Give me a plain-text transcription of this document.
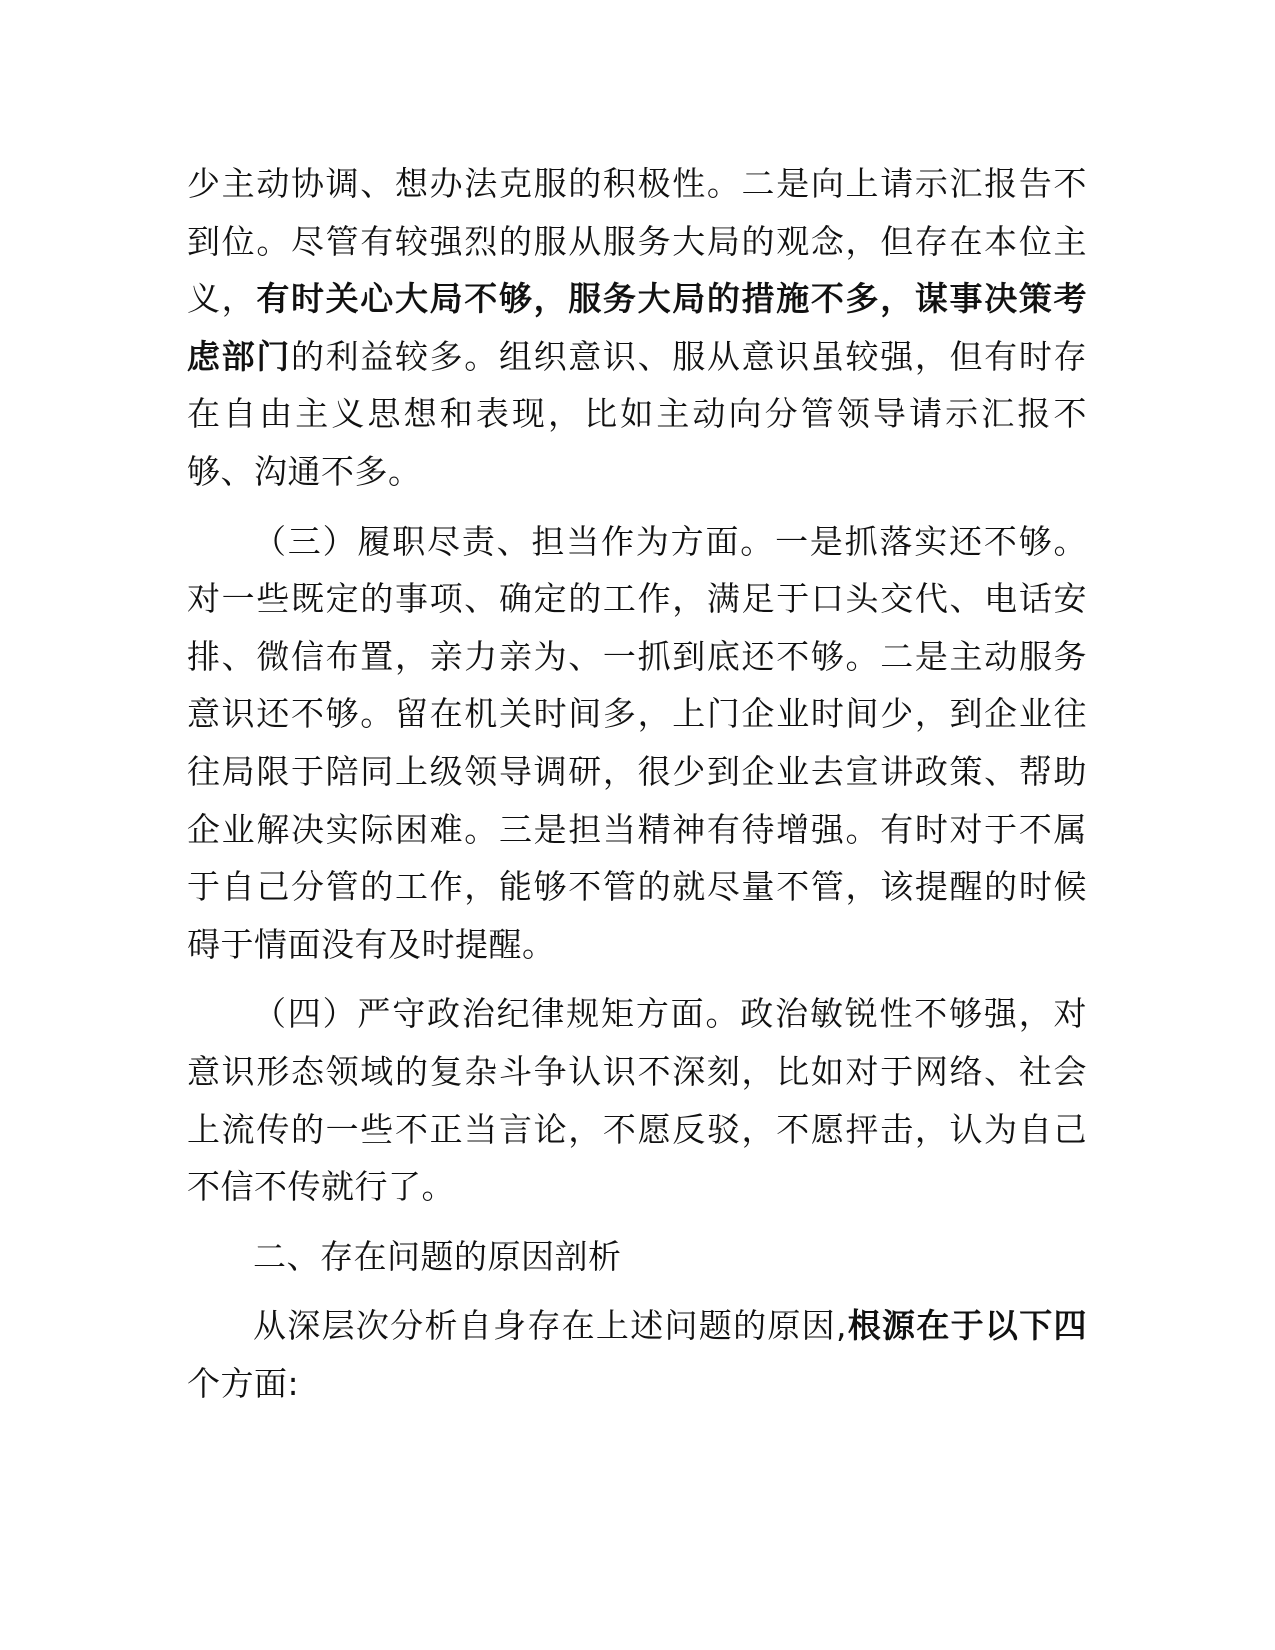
少主动协调、想办法克服的积极性。二是向上请示汇报告不到位。尽管有较强烈的服从服务大局的观念，但存在本位主义，有时关心大局不够，服务大局的措施不多，谋事决策考虑部门的利益较多。组织意识、服从意识虽较强，但有时存在自由主义思想和表现，比如主动向分管领导请示汇报不够、沟通不多。

（三）履职尽责、担当作为方面。一是抓落实还不够。对一些既定的事项、确定的工作，满足于口头交代、电话安排、微信布置，亲力亲为、一抓到底还不够。二是主动服务意识还不够。留在机关时间多，上门企业时间少，到企业往往局限于陪同上级领导调研，很少到企业去宣讲政策、帮助企业解决实际困难。三是担当精神有待增强。有时对于不属于自己分管的工作，能够不管的就尽量不管，该提醒的时候碍于情面没有及时提醒。

（四）严守政治纪律规矩方面。政治敏锐性不够强，对意识形态领域的复杂斗争认识不深刻，比如对于网络、社会上流传的一些不正当言论，不愿反驳，不愿抨击，认为自己不信不传就行了。

二、存在问题的原因剖析

从深层次分析自身存在上述问题的原因,根源在于以下四个方面:
